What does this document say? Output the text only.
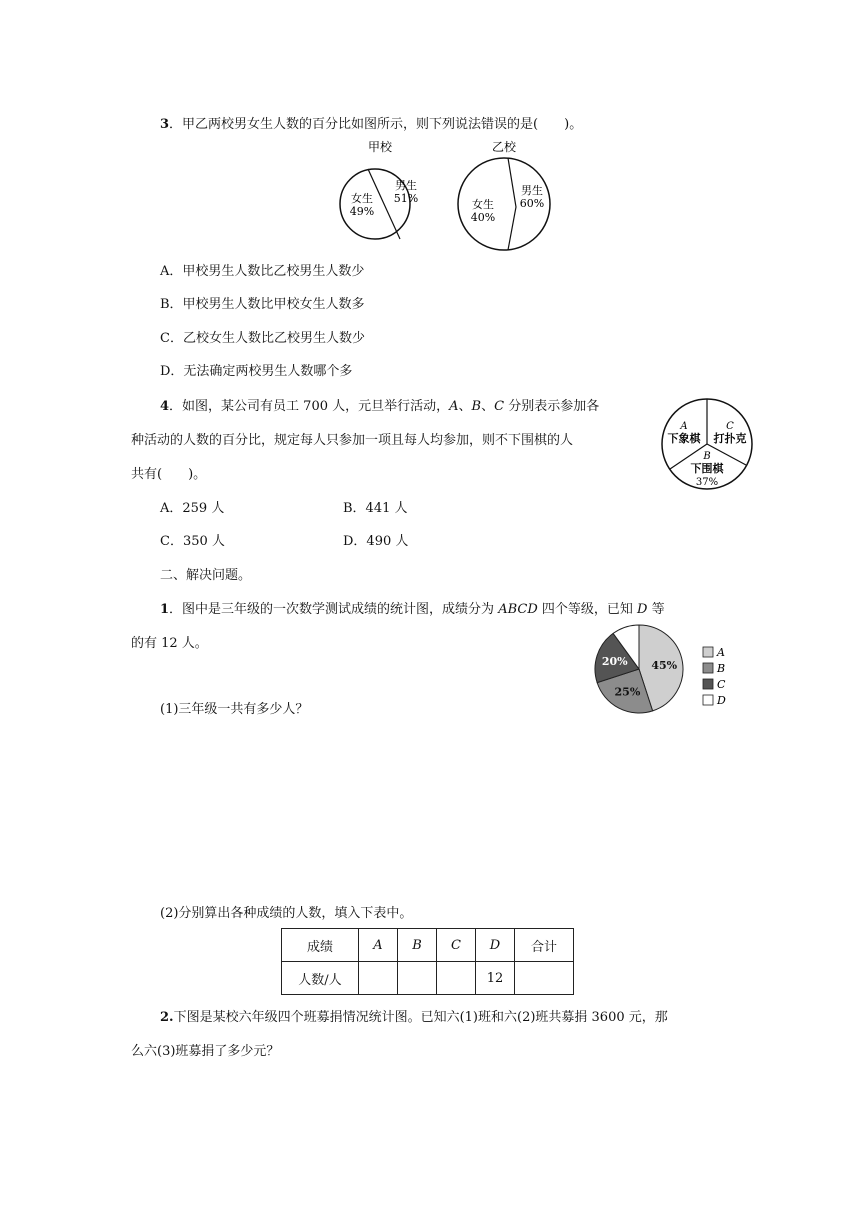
3．甲乙两校男女生人数的百分比如图所示，则下列说法错误的是(　　)。
甲校
男生
51%
女生
49%
乙校
男生
60%
女生
40%
A．甲校男生人数比乙校男生人数少
B．甲校男生人数比甲校女生人数多
C．乙校女生人数比乙校男生人数少
D．无法确定两校男生人数哪个多
4．如图，某公司有员工 700 人，元旦举行活动，A、B、C 分别表示参加各
种活动的人数的百分比，规定每人只参加一项且每人均参加，则不下围棋的人
共有(　　)。
A
下象棋
C
打扑克
B
下围棋
37%
A．259 人	B．441 人
C．350 人	D．490 人
二、解决问题。
1．图中是三年级的一次数学测试成绩的统计图，成绩分为 ABCD 四个等级，已知 D 等
的有 12 人。
45%
25%
20%
A
B
C
D
(1)三年级一共有多少人？
(2)分别算出各种成绩的人数，填入下表中。
成绩	A	B	C	D	合计
人数/人				12	
2.下图是某校六年级四个班募捐情况统计图。已知六(1)班和六(2)班共募捐 3600 元，那
么六(3)班募捐了多少元？
